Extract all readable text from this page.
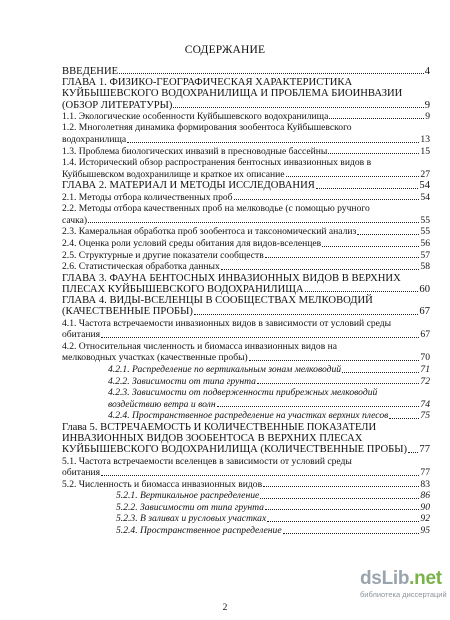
СОДЕРЖАНИЕ
ВВЕДЕНИЕ	4
ГЛАВА 1. ФИЗИКО-ГЕОГРАФИЧЕСКАЯ ХАРАКТЕРИСТИКА
КУЙБЫШЕВСКОГО ВОДОХРАНИЛИЩА И ПРОБЛЕМА БИОИНВАЗИИ
(ОБЗОР ЛИТЕРАТУРЫ)	9
1.1. Экологические особенности Куйбышевского водохранилища	9
1.2. Многолетняя динамика формирования зообентоса Куйбышевского
водохранилища	13
1.3. Проблема биологических инвазий в пресноводные бассейны	15
1.4. Исторический обзор распространения бентосных инвазионных видов в
Куйбышевском водохранилище и краткое их описание	27
ГЛАВА 2. МАТЕРИАЛ И МЕТОДЫ ИССЛЕДОВАНИЯ	54
2.1. Методы отбора количественных проб	54
2.2. Методы отбора качественных проб на мелководье (с помощью ручного
сачка)	55
2.3. Камеральная обработка проб зообентоса и таксономический анализ	55
2.4. Оценка роли условий среды обитания для видов-вселенцев	56
2.5. Структурные и другие показатели сообществ	57
2.6. Статистическая обработка данных	58
ГЛАВА 3. ФАУНА БЕНТОСНЫХ ИНВАЗИОННЫХ ВИДОВ В ВЕРХНИХ
ПЛЕСАХ КУЙБЫШЕВСКОГО ВОДОХРАНИЛИЩА	60
ГЛАВА 4. ВИДЫ-ВСЕЛЕНЦЫ В СООБЩЕСТВАХ МЕЛКОВОДИЙ
(КАЧЕСТВЕННЫЕ ПРОБЫ)	67
4.1. Частота встречаемости инвазионных видов в зависимости от условий среды
обитания	67
4.2. Относительная численность и биомасса инвазионных видов на
мелководных участках (качественные пробы)	70
4.2.1. Распределение по вертикальным зонам мелководий	71
4.2.2. Зависимости от типа грунта	72
4.2.3. Зависимости от подверженности прибрежных мелководий
воздействию ветра и волн	74
4.2.4. Пространственное распределение на участках верхних плесов	75
Глава 5. ВСТРЕЧАЕМОСТЬ И КОЛИЧЕСТВЕННЫЕ ПОКАЗАТЕЛИ
ИНВАЗИОННЫХ ВИДОВ ЗООБЕНТОСА В ВЕРХНИХ ПЛЕСАХ
КУЙБЫШЕВСКОГО ВОДОХРАНИЛИЩА (КОЛИЧЕСТВЕННЫЕ ПРОБЫ) 77
5.1. Частота встречаемости вселенцев в зависимости от условий среды
обитания	77
5.2. Численность и биомасса инвазионных видов	83
5.2.1. Вертикальное распределение	86
5.2.2. Зависимости от типа грунта	90
5.2.3. В заливах и русловых участках	92
5.2.4. Пространственное распределение	95
2
dsLib.net
библиотека диссертаций
